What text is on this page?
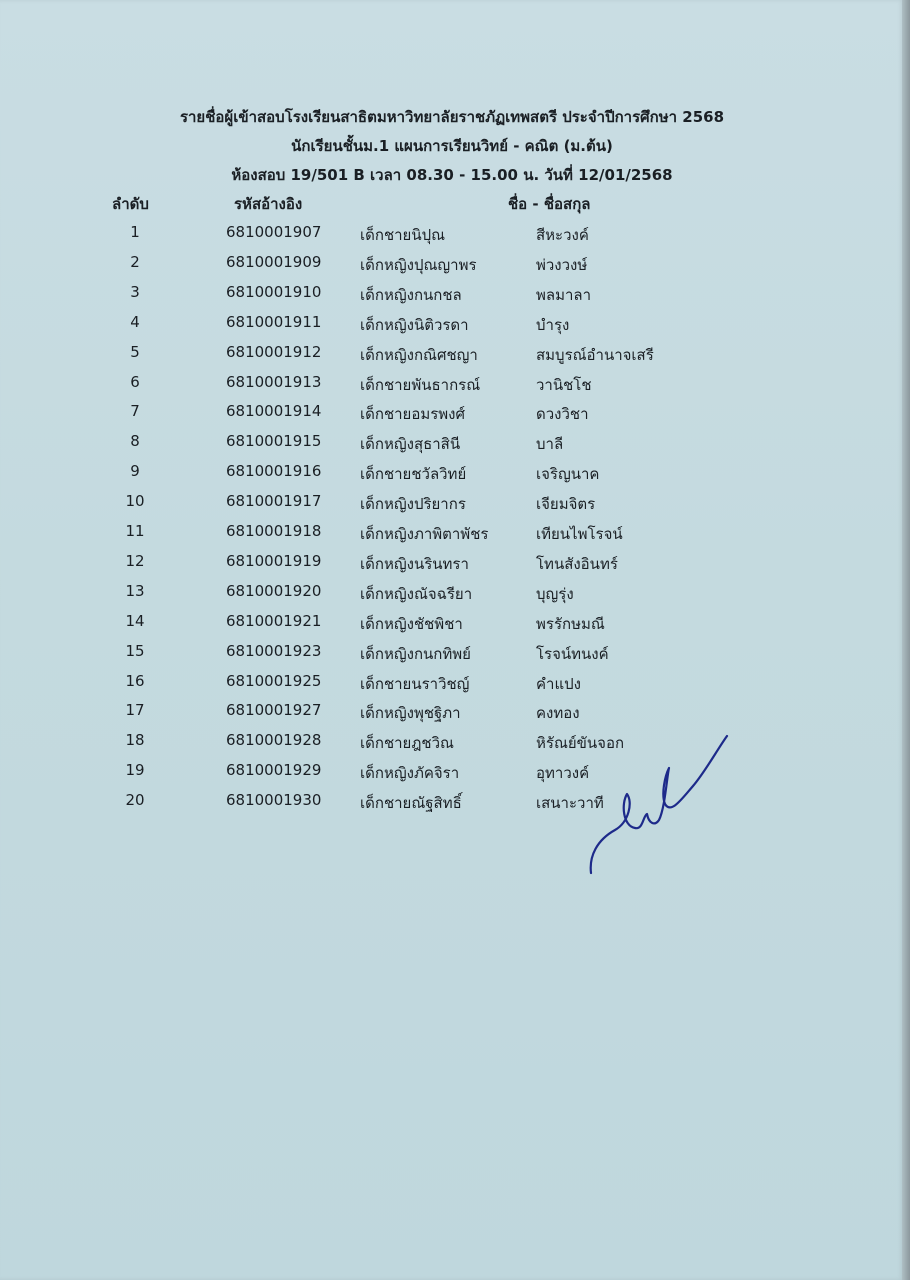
รายชื่อผู้เข้าสอบโรงเรียนสาธิตมหาวิทยาลัยราชภัฏเทพสตรี ประจำปีการศึกษา 2568
นักเรียนชั้นม.1 แผนการเรียนวิทย์ - คณิต (ม.ต้น)
ห้องสอบ 19/501 B เวลา 08.30 - 15.00 น. วันที่ 12/01/2568
ลำดับ	รหัสอ้างอิง	ชื่อ - ชื่อสกุล
1	6810001907	เด็กชายนิปุณ	สีหะวงค์
2	6810001909	เด็กหญิงปุณญาพร	พ่วงวงษ์
3	6810001910	เด็กหญิงกนกชล	พลมาลา
4	6810001911	เด็กหญิงนิติวรดา	บำรุง
5	6810001912	เด็กหญิงกณิศชญา	สมบูรณ์อำนาจเสรี
6	6810001913	เด็กชายพันธากรณ์	วานิชโช
7	6810001914	เด็กชายอมรพงศ์	ดวงวิชา
8	6810001915	เด็กหญิงสุธาสินี	บาลี
9	6810001916	เด็กชายชวัลวิทย์	เจริญนาค
10	6810001917	เด็กหญิงปริยากร	เจียมจิตร
11	6810001918	เด็กหญิงภาพิตาพัชร	เทียนไพโรจน์
12	6810001919	เด็กหญิงนรินทรา	โทนสังอินทร์
13	6810001920	เด็กหญิงณัจฉรียา	บุญรุ่ง
14	6810001921	เด็กหญิงชัชพิชา	พรรักษมณี
15	6810001923	เด็กหญิงกนกทิพย์	โรจน์ทนงค์
16	6810001925	เด็กชายนราวิชญ์	คำแปง
17	6810001927	เด็กหญิงพุชฐิภา	คงทอง
18	6810001928	เด็กชายฎชวิณ	หิรัณย์ขันจอก
19	6810001929	เด็กหญิงภัคจิรา	อุทาวงค์
20	6810001930	เด็กชายณัฐสิทธิ์	เสนาะวาที
